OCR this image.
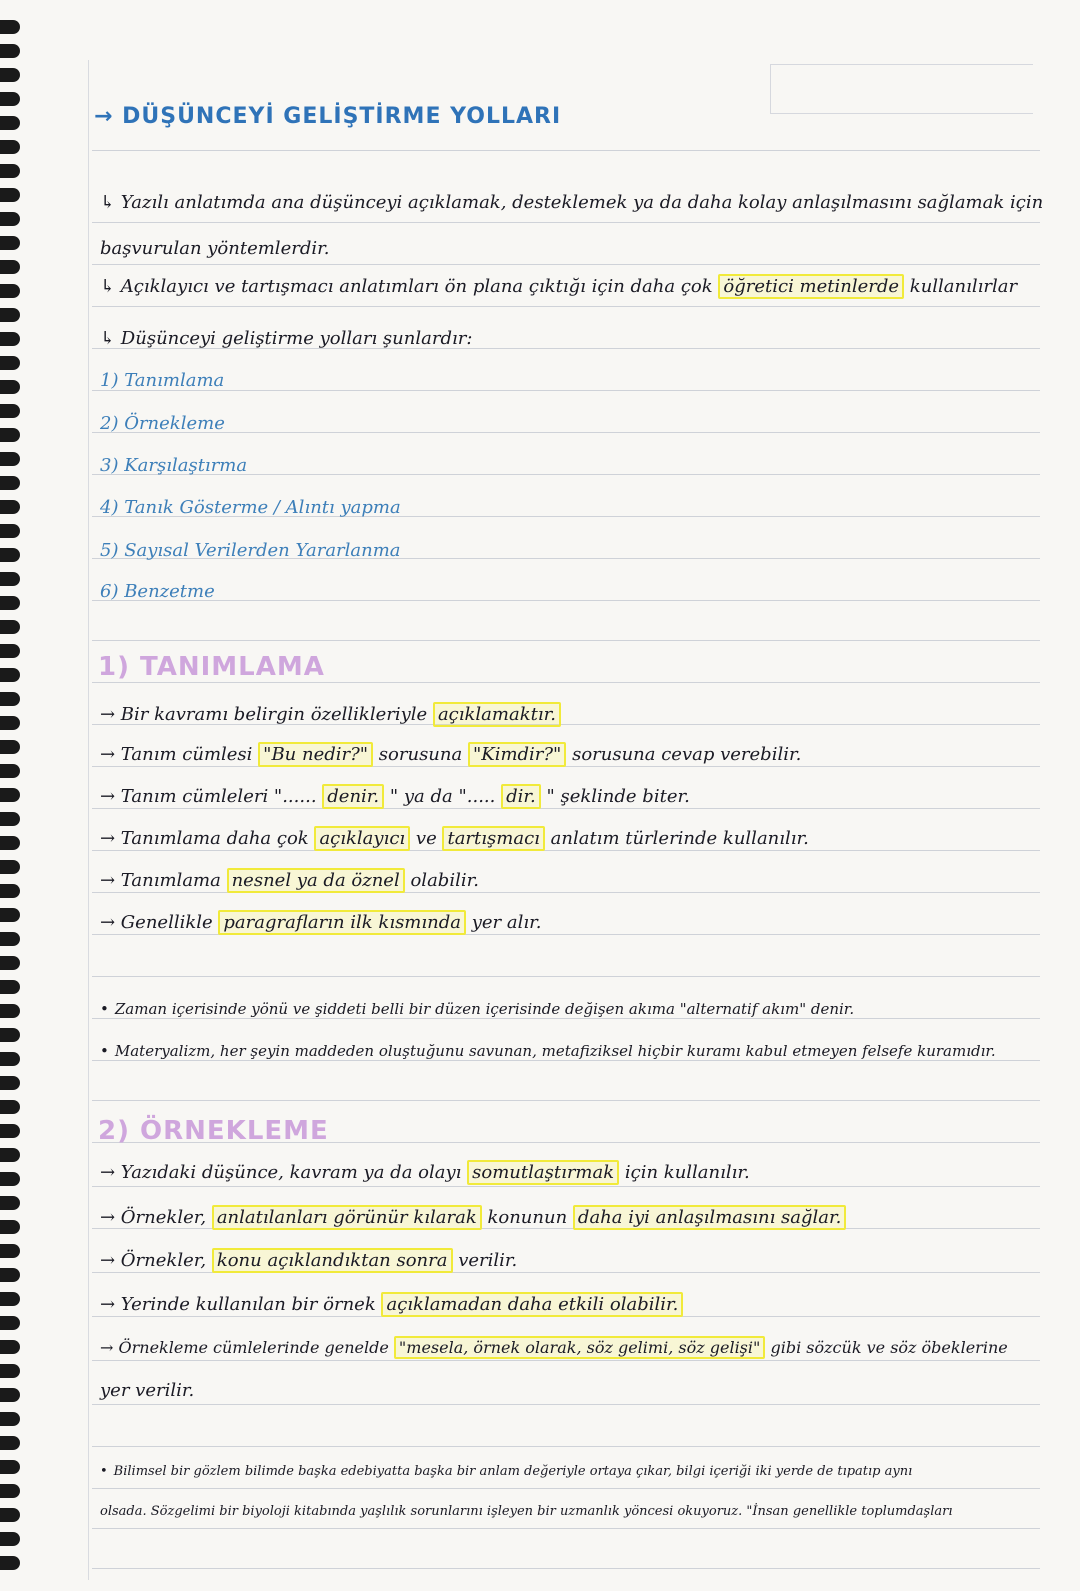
→ DÜŞÜNCEYİ GELİŞTİRME YOLLARI
↳ Yazılı anlatımda ana düşünceyi açıklamak, desteklemek ya da daha kolay anlaşılmasını sağlamak için
başvurulan yöntemlerdir.
↳ Açıklayıcı ve tartışmacı anlatımları ön plana çıktığı için daha çok öğretici metinlerde kullanılırlar
↳ Düşünceyi geliştirme yolları şunlardır:
1) Tanımlama
2) Örnekleme
3) Karşılaştırma
4) Tanık Gösterme / Alıntı yapma
5) Sayısal Verilerden Yararlanma
6) Benzetme
1) TANIMLAMA
→ Bir kavramı belirgin özellikleriyle açıklamaktır.
→ Tanım cümlesi "Bu nedir?" sorusuna "Kimdir?" sorusuna cevap verebilir.
→ Tanım cümleleri "...... denir. " ya da "..... dir. " şeklinde biter.
→ Tanımlama daha çok açıklayıcı ve tartışmacı anlatım türlerinde kullanılır.
→ Tanımlama nesnel ya da öznel olabilir.
→ Genellikle paragrafların ilk kısmında yer alır.
• Zaman içerisinde yönü ve şiddeti belli bir düzen içerisinde değişen akıma "alternatif akım" denir.
• Materyalizm, her şeyin maddeden oluştuğunu savunan, metafiziksel hiçbir kuramı kabul etmeyen felsefe kuramıdır.
2) ÖRNEKLEME
→ Yazıdaki düşünce, kavram ya da olayı somutlaştırmak için kullanılır.
→ Örnekler, anlatılanları görünür kılarak konunun daha iyi anlaşılmasını sağlar.
→ Örnekler, konu açıklandıktan sonra verilir.
→ Yerinde kullanılan bir örnek açıklamadan daha etkili olabilir.
→ Örnekleme cümlelerinde genelde "mesela, örnek olarak, söz gelimi, söz gelişi" gibi sözcük ve söz öbeklerine
yer verilir.
• Bilimsel bir gözlem bilimde başka edebiyatta başka bir anlam değeriyle ortaya çıkar, bilgi içeriği iki yerde de tıpatıp aynı
olsada. Sözgelimi bir biyoloji kitabında yaşlılık sorunlarını işleyen bir uzmanlık yöncesi okuyoruz. "İnsan genellikle toplumdaşları
